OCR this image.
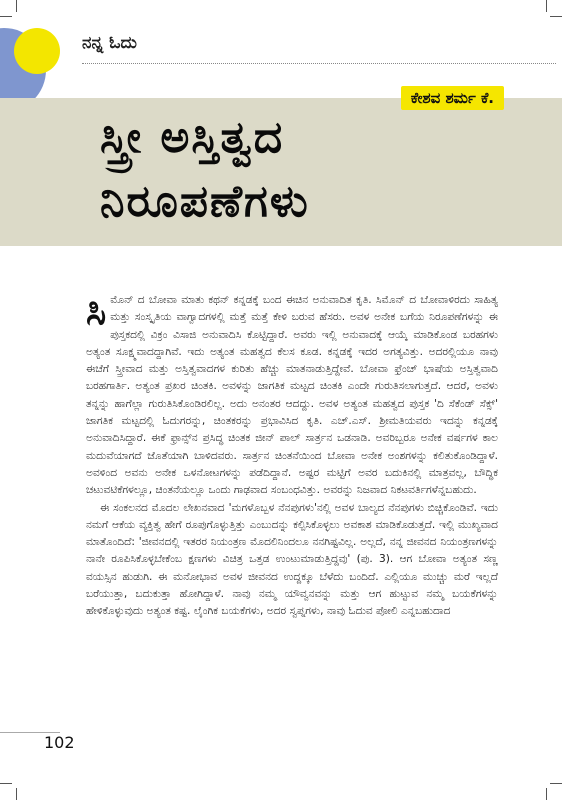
ನನ್ನ ಓದು
ಕೇಶವ ಶರ್ಮ ಕೆ.
ಸ್ತ್ರೀ ಅಸ್ತಿತ್ವದ
ನಿರೂಪಣೆಗಳು

ಸಿ ಮೊನ್ ದ ಬೋವಾ ಮಾತು ಕಥನ್ ಕನ್ನಡಕ್ಕೆ ಬಂದ ಈಚಿನ ಅನುವಾದಿತ ಕೃತಿ. ಸಿಮೊನ್ ದ ಬೋವಾಳಿರದು ಸಾಹಿತ್ಯ ಮತ್ತು ಸಂಸ್ಕೃತಿಯ ವಾಗ್ವಾದಗಳಲ್ಲಿ ಮತ್ತೆ ಮತ್ತೆ ಕೇಳಿ ಬರುವ ಹೆಸರು. ಅವಳ ಅನೇಕ ಬಗೆಯ ನಿರೂಪಣೆಗಳನ್ನು ಈ ಪುಸ್ತಕದಲ್ಲಿ ವಿಕ್ರಂ ವಿಸಾಜಿ ಅನುವಾದಿಸಿ ಕೊಟ್ಟಿದ್ದಾರೆ. ಅವರು ಇಲ್ಲಿ ಅನುವಾದಕ್ಕೆ ಆಯ್ಕೆ ಮಾಡಿಕೊಂಡ ಬರಹಗಳು ಅತ್ಯಂತ ಸೂಕ್ಷ್ಮವಾದದ್ದಾಗಿವೆ. ಇದು ಅತ್ಯಂತ ಮಹತ್ವದ ಕೆಲಸ ಕೂಡ. ಕನ್ನಡಕ್ಕೆ ಇದರ ಅಗತ್ಯವಿತ್ತು. ಅದರಲ್ಲಿಯೂ ನಾವು ಈಚೆಗೆ ಸ್ತ್ರೀವಾದ ಮತ್ತು ಅಸ್ತಿತ್ವವಾದಗಳ ಕುರಿತು ಹೆಚ್ಚು ಮಾತನಾಡುತ್ತಿದ್ದೇವೆ. ಬೋವಾ ಫ್ರೆಂಚ್ ಭಾಷೆಯ ಅಸ್ತಿತ್ವವಾದಿ ಬರಹಗಾರ್ತಿ. ಅತ್ಯಂತ ಪ್ರಖರ ಚಿಂತಕಿ. ಅವಳನ್ನು ಜಾಗತಿಕ ಮಟ್ಟದ ಚಿಂತಕಿ ಎಂದೇ ಗುರುತಿಸಲಾಗುತ್ತದೆ. ಆದರೆ, ಅವಳು ತನ್ನನ್ನು ಹಾಗೆಲ್ಲಾ ಗುರುತಿಸಿಕೊಂಡಿರಲಿಲ್ಲ. ಅದು ಅನಂತರ ಆದದ್ದು. ಅವಳ ಅತ್ಯಂತ ಮಹತ್ವದ ಪುಸ್ತಕ 'ದಿ ಸೆಕೆಂಡ್ ಸೆಕ್ಸ್' ಜಾಗತಿಕ ಮಟ್ಟದಲ್ಲಿ ಓದುಗರನ್ನು, ಚಿಂತಕರನ್ನು ಪ್ರಭಾವಿಸಿದ ಕೃತಿ. ಎಚ್.ಎಸ್. ಶ್ರೀಮತಿಯವರು ಇದನ್ನು ಕನ್ನಡಕ್ಕೆ ಅನುವಾದಿಸಿದ್ದಾರೆ. ಈಕೆ ಫ್ರಾನ್ಸ್‌ನ ಪ್ರಸಿದ್ಧ ಚಿಂತಕ ಜೀನ್ ಪಾಲ್ ಸಾರ್ತ್ರನ ಒಡನಾಡಿ. ಅವರಿಬ್ಬರೂ ಅನೇಕ ವರ್ಷಗಳ ಕಾಲ ಮದುವೆಯಾಗದೆ ಜೊತೆಯಾಗಿ ಬಾಳಿದವರು. ಸಾರ್ತ್ರನ ಚಿಂತನೆಯಿಂದ ಬೋವಾ ಅನೇಕ ಅಂಶಗಳನ್ನು ಕಲಿತುಕೊಂಡಿದ್ದಾಳೆ. ಅವಳಿಂದ ಅವನು ಅನೇಕ ಒಳನೋಟಗಳನ್ನು ಪಡೆದಿದ್ದಾನೆ. ಅಷ್ಟರ ಮಟ್ಟಿಗೆ ಅವರ ಬದುಕಿನಲ್ಲಿ ಮಾತ್ರವಲ್ಲ, ಬೌದ್ಧಿಕ ಚಟುವಟಿಕೆಗಳಲ್ಲೂ, ಚಿಂತನೆಯಲ್ಲೂ ಒಂದು ಗಾಢವಾದ ಸಂಬಂಧವಿತ್ತು. ಅವರನ್ನು ನಿಜವಾದ ನಿಕಟವರ್ತಿಗಳೆನ್ನಬಹುದು.

ಈ ಸಂಕಲನದ ಮೊದಲ ಲೇಖನವಾದ 'ಮಗಳೊಬ್ಬಳ ನೆನಪುಗಳು'ನಲ್ಲಿ ಅವಳ ಬಾಲ್ಯದ ನೆನಪುಗಳು ಬಿಚ್ಚಿಕೊಂಡಿವೆ. ಇದು ನಮಗೆ ಆಕೆಯ ವ್ಯಕ್ತಿತ್ವ ಹೇಗೆ ರೂಪುಗೊಳ್ಳುತ್ತಿತ್ತು ಎಂಬುದನ್ನು ಕಲ್ಪಿಸಿಕೊಳ್ಳಲು ಅವಕಾಶ ಮಾಡಿಕೊಡುತ್ತದೆ. ಇಲ್ಲಿ ಮುಖ್ಯವಾದ ಮಾತೊಂದಿದೆ: 'ಜೀವನದಲ್ಲಿ ಇತರರ ನಿಯಂತ್ರಣ ಮೊದಲಿನಿಂದಲೂ ನನಗಿಷ್ಟವಿಲ್ಲ. ಅಲ್ಲದೆ, ನನ್ನ ಜೀವನದ ನಿಯಂತ್ರಣಗಳನ್ನು ನಾನೇ ರೂಪಿಸಿಕೊಳ್ಳಬೇಕೆಂಬ ಕ್ಷಣಗಳು ವಿಚಿತ್ರ ಒತ್ತಡ ಉಂಟುಮಾಡುತ್ತಿದ್ದವು' (ಪು. 3). ಆಗ ಬೋವಾ ಅತ್ಯಂತ ಸಣ್ಣ ವಯಸ್ಸಿನ ಹುಡುಗಿ. ಈ ಮನೋಭಾವ ಅವಳ ಜೀವನದ ಉದ್ದಕ್ಕೂ ಬೆಳೆದು ಬಂದಿದೆ. ಎಲ್ಲಿಯೂ ಮುಚ್ಚು ಮರೆ ಇಲ್ಲದೆ ಬರೆಯುತ್ತಾ, ಬದುಕುತ್ತಾ ಹೋಗಿದ್ದಾಳೆ. ನಾವು ನಮ್ಮ ಯೌವ್ವನವನ್ನು ಮತ್ತು ಆಗ ಹುಟ್ಟುವ ನಮ್ಮ ಬಯಕೆಗಳನ್ನು ಹೇಳಿಕೊಳ್ಳುವುದು ಅತ್ಯಂತ ಕಷ್ಟ. ಲೈಂಗಿಕ ಬಯಕೆಗಳು, ಅದರ ಸ್ವಪ್ನಗಳು, ನಾವು ಓದುವ ಪೋಲಿ ಎನ್ನಬಹುದಾದ

102
